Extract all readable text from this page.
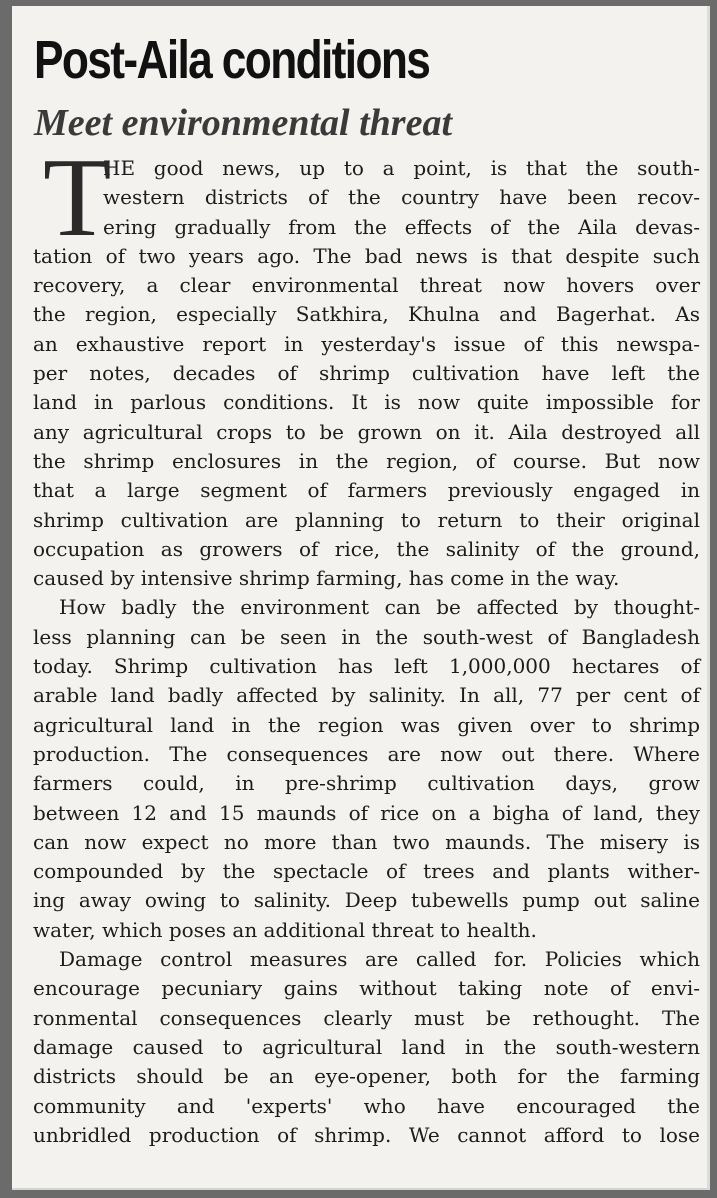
Post-Aila conditions
Meet environmental threat
T
HE good news, up to a point, is that the south-
western districts of the country have been recov-
ering gradually from the effects of the Aila devas-
tation of two years ago. The bad news is that despite such
recovery, a clear environmental threat now hovers over
the region, especially Satkhira, Khulna and Bagerhat. As
an exhaustive report in yesterday's issue of this newspa-
per notes, decades of shrimp cultivation have left the
land in parlous conditions. It is now quite impossible for
any agricultural crops to be grown on it. Aila destroyed all
the shrimp enclosures in the region, of course. But now
that a large segment of farmers previously engaged in
shrimp cultivation are planning to return to their original
occupation as growers of rice, the salinity of the ground,
caused by intensive shrimp farming, has come in the way.
How badly the environment can be affected by thought-
less planning can be seen in the south-west of Bangladesh
today. Shrimp cultivation has left 1,000,000 hectares of
arable land badly affected by salinity. In all, 77 per cent of
agricultural land in the region was given over to shrimp
production. The consequences are now out there. Where
farmers could, in pre-shrimp cultivation days, grow
between 12 and 15 maunds of rice on a bigha of land, they
can now expect no more than two maunds. The misery is
compounded by the spectacle of trees and plants wither-
ing away owing to salinity. Deep tubewells pump out saline
water, which poses an additional threat to health.
Damage control measures are called for. Policies which
encourage pecuniary gains without taking note of envi-
ronmental consequences clearly must be rethought. The
damage caused to agricultural land in the south-western
districts should be an eye-opener, both for the farming
community and 'experts' who have encouraged the
unbridled production of shrimp. We cannot afford to lose
